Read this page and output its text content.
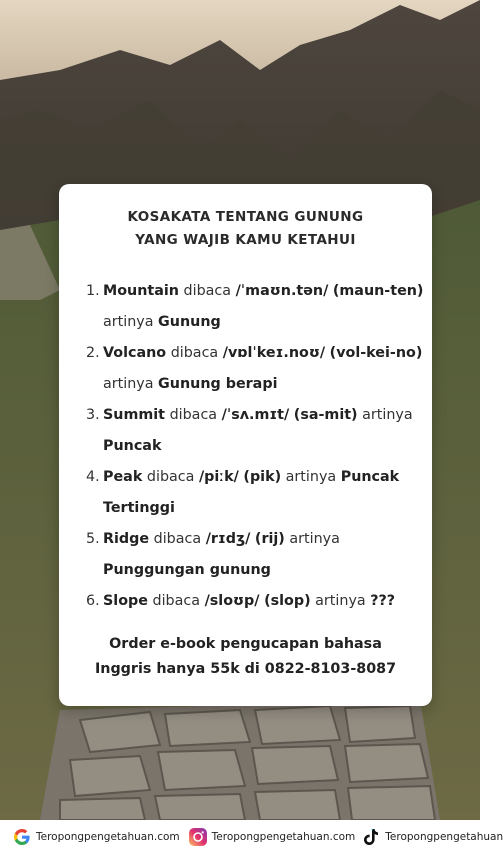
KOSAKATA TENTANG GUNUNG
YANG WAJIB KAMU KETAHUI
1. Mountain dibaca /ˈmaʊn.tən/ (maun-ten)
artinya Gunung
2. Volcano dibaca /vɒlˈkeɪ.noʊ/ (vol-kei-no)
artinya Gunung berapi
3. Summit dibaca /ˈsʌ.mɪt/ (sa-mit) artinya
Puncak
4. Peak dibaca /piːk/ (pik) artinya Puncak Tertinggi
5. Ridge dibaca /rɪdʒ/ (rij) artinya
Punggungan gunung
6. Slope dibaca /sloʊp/ (slop) artinya ???
Order e-book pengucapan bahasa
Inggris hanya 55k di 0822-8103-8087
Teropongpengetahuan.com	Teropongpengetahuan.com	Teropongpengetahuan
